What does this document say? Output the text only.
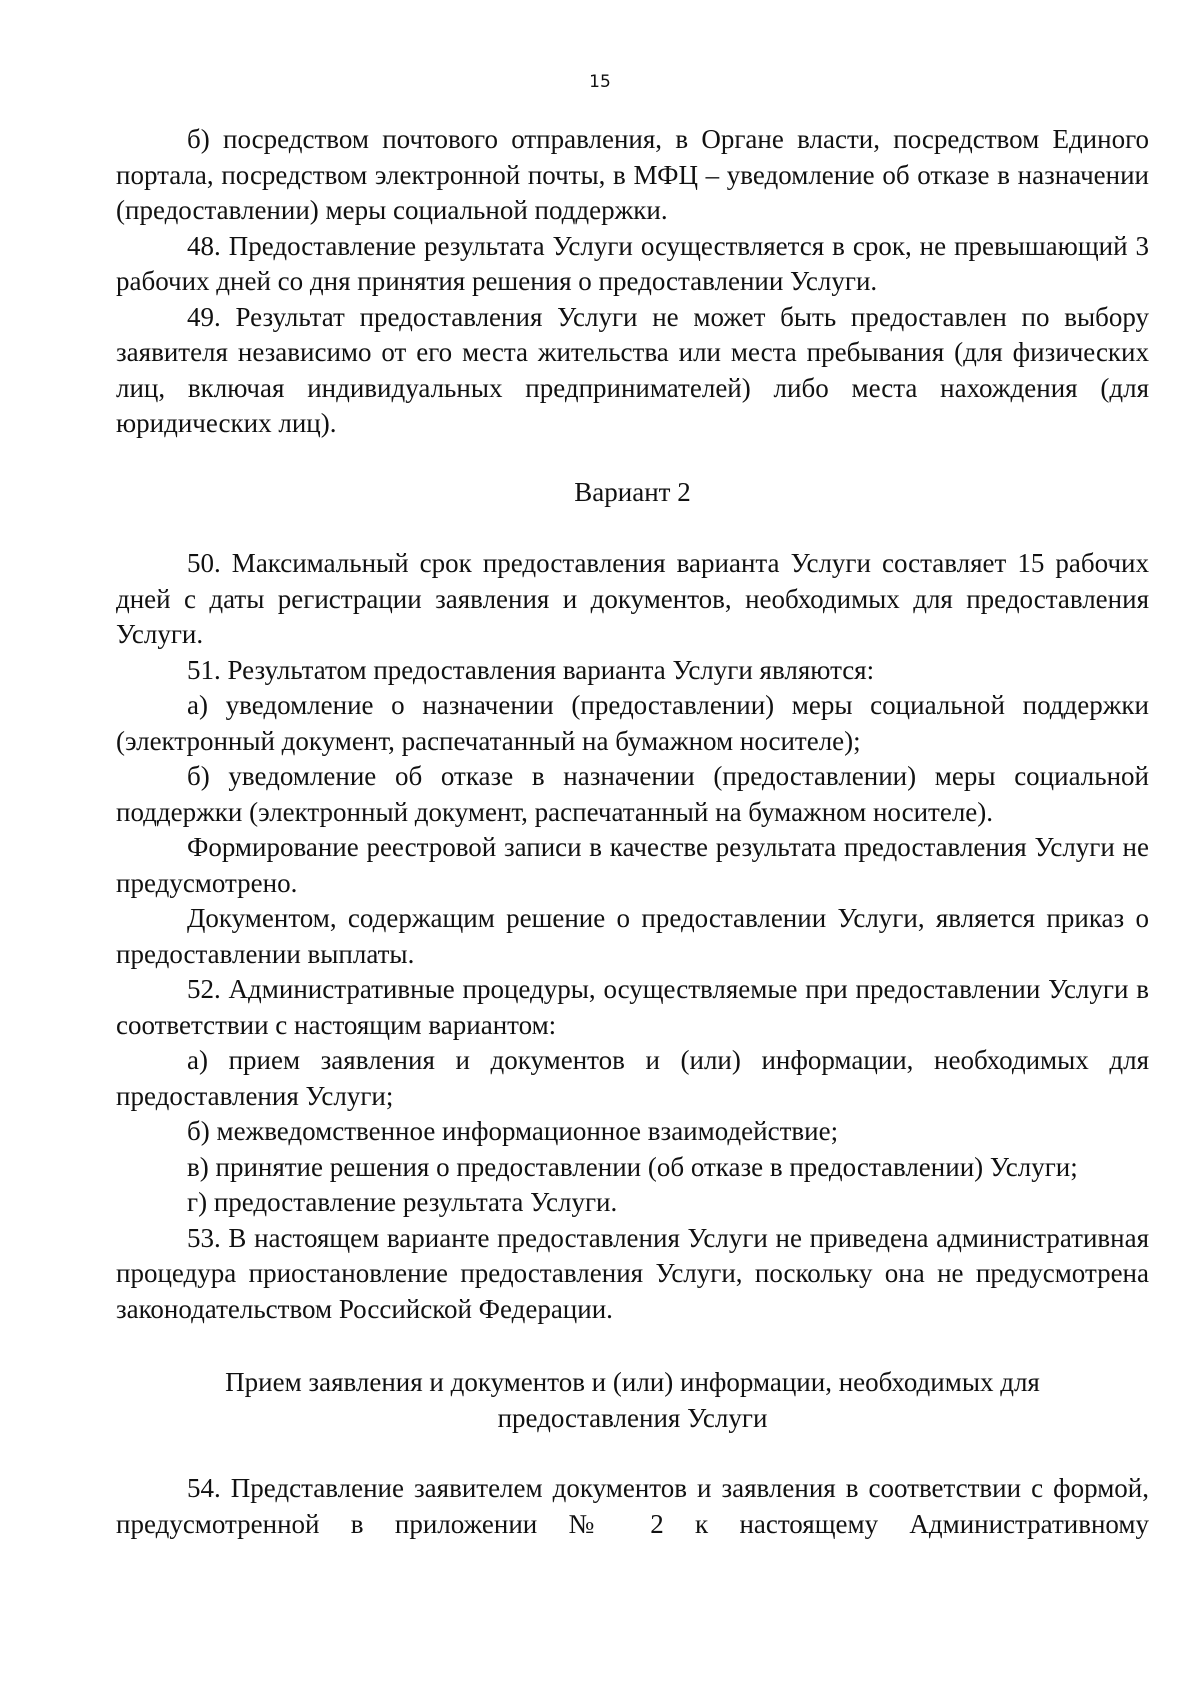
15

б) посредством почтового отправления, в Органе власти, посредством Единого портала, посредством электронной почты, в МФЦ – уведомление об отказе в назначении (предоставлении) меры социальной поддержки.

48. Предоставление результата Услуги осуществляется в срок, не превышающий 3 рабочих дней со дня принятия решения о предоставлении Услуги.

49. Результат предоставления Услуги не может быть предоставлен по выбору заявителя независимо от его места жительства или места пребывания (для физических лиц, включая индивидуальных предпринимателей) либо места нахождения (для юридических лиц).

Вариант 2

50. Максимальный срок предоставления варианта Услуги составляет 15 рабочих дней с даты регистрации заявления и документов, необходимых для предоставления Услуги.

51. Результатом предоставления варианта Услуги являются:

а) уведомление о назначении (предоставлении) меры социальной поддержки (электронный документ, распечатанный на бумажном носителе);

б) уведомление об отказе в назначении (предоставлении) меры социальной поддержки (электронный документ, распечатанный на бумажном носителе).

Формирование реестровой записи в качестве результата предоставления Услуги не предусмотрено.

Документом, содержащим решение о предоставлении Услуги, является приказ о предоставлении выплаты.

52. Административные процедуры, осуществляемые при предоставлении Услуги в соответствии с настоящим вариантом:

а) прием заявления и документов и (или) информации, необходимых для предоставления Услуги;

б) межведомственное информационное взаимодействие;

в) принятие решения о предоставлении (об отказе в предоставлении) Услуги;

г) предоставление результата Услуги.

53. В настоящем варианте предоставления Услуги не приведена административная процедура приостановление предоставления Услуги, поскольку она не предусмотрена законодательством Российской Федерации.

Прием заявления и документов и (или) информации, необходимых для предоставления Услуги

54. Представление заявителем документов и заявления в соответствии с формой, предусмотренной в приложении № 2 к настоящему Административному
